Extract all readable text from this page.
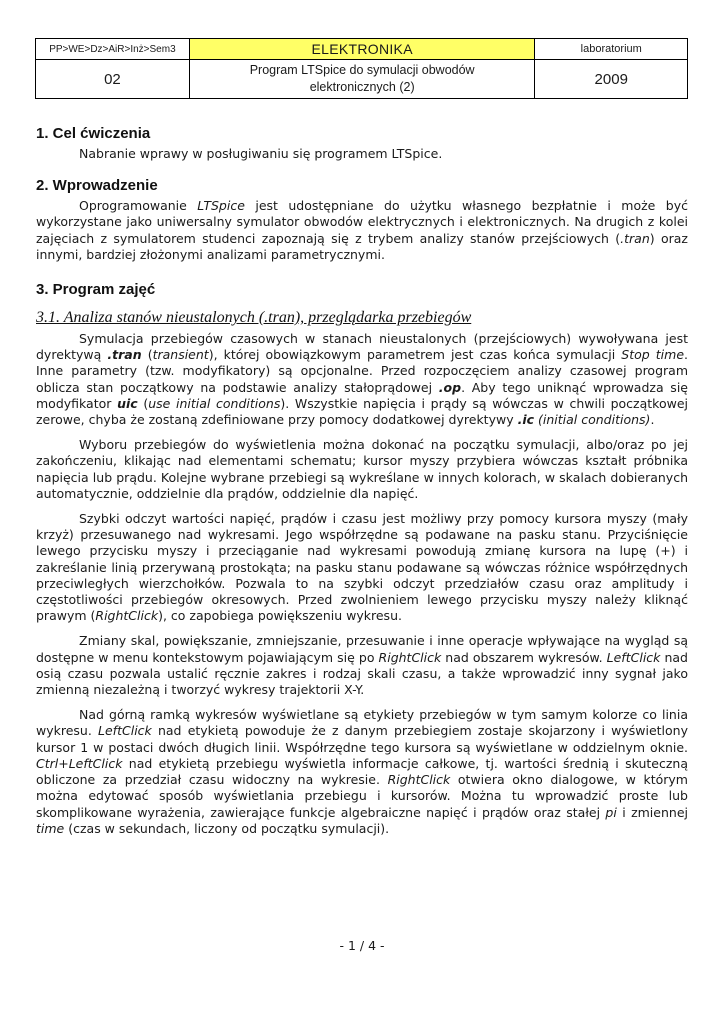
PP>WE>Dz>AiR>Inż>Sem3	ELEKTRONIKA	laboratorium
02	Program LTSpice do symulacji obwodów
elektronicznych (2)	2009
1. Cel ćwiczenia

Nabranie wprawy w posługiwaniu się programem LTSpice.

2. Wprowadzenie

Oprogramowanie LTSpice jest udostępniane do użytku własnego bezpłatnie i może być wykorzystane jako uniwersalny symulator obwodów elektrycznych i elektronicznych. Na drugich z kolei zajęciach z symulatorem studenci zapoznają się z trybem analizy stanów przejściowych (.tran) oraz innymi, bardziej złożonymi analizami parametrycznymi.

3. Program zajęć
3.1. Analiza stanów nieustalonych (.tran), przeglądarka przebiegów

Symulacja przebiegów czasowych w stanach nieustalonych (przejściowych) wywoływana jest dyrektywą .tran (transient), której obowiązkowym parametrem jest czas końca symulacji Stop time. Inne parametry (tzw. modyfikatory) są opcjonalne. Przed rozpoczęciem analizy czasowej program oblicza stan początkowy na podstawie analizy stałoprądowej .op. Aby tego uniknąć wprowadza się modyfikator uic (use initial conditions). Wszystkie napięcia i prądy są wówczas w chwili początkowej zerowe, chyba że zostaną zdefiniowane przy pomocy dodatkowej dyrektywy .ic (initial conditions).

Wyboru przebiegów do wyświetlenia można dokonać na początku symulacji, albo/oraz po jej zakończeniu, klikając nad elementami schematu; kursor myszy przybiera wówczas kształt próbnika napięcia lub prądu. Kolejne wybrane przebiegi są wykreślane w innych kolorach, w skalach dobieranych automatycznie, oddzielnie dla prądów, oddzielnie dla napięć.

Szybki odczyt wartości napięć, prądów i czasu jest możliwy przy pomocy kursora myszy (mały krzyż) przesuwanego nad wykresami. Jego współrzędne są podawane na pasku stanu. Przyciśnięcie lewego przycisku myszy i przeciąganie nad wykresami powodują zmianę kursora na lupę (+) i zakreślanie linią przerywaną prostokąta; na pasku stanu podawane są wówczas różnice współrzędnych przeciwległych wierzchołków. Pozwala to na szybki odczyt przedziałów czasu oraz amplitudy i częstotliwości przebiegów okresowych. Przed zwolnieniem lewego przycisku myszy należy kliknąć prawym (RightClick), co zapobiega powiększeniu wykresu.

Zmiany skal, powiększanie, zmniejszanie, przesuwanie i inne operacje wpływające na wygląd są dostępne w menu kontekstowym pojawiającym się po RightClick nad obszarem wykresów. LeftClick nad osią czasu pozwala ustalić ręcznie zakres i rodzaj skali czasu, a także wprowadzić inny sygnał jako zmienną niezależną i tworzyć wykresy trajektorii X-Y.

Nad górną ramką wykresów wyświetlane są etykiety przebiegów w tym samym kolorze co linia wykresu. LeftClick nad etykietą powoduje że z danym przebiegiem zostaje skojarzony i wyświetlony kursor 1 w postaci dwóch długich linii. Współrzędne tego kursora są wyświetlane w oddzielnym oknie. Ctrl+LeftClick nad etykietą przebiegu wyświetla informacje całkowe, tj. wartości średnią i skuteczną obliczone za przedział czasu widoczny na wykresie. RightClick otwiera okno dialogowe, w którym można edytować sposób wyświetlania przebiegu i kursorów. Można tu wprowadzić proste lub skomplikowane wyrażenia, zawierające funkcje algebraiczne napięć i prądów oraz stałej pi i zmiennej time (czas w sekundach, liczony od początku symulacji).

- 1 / 4 -
